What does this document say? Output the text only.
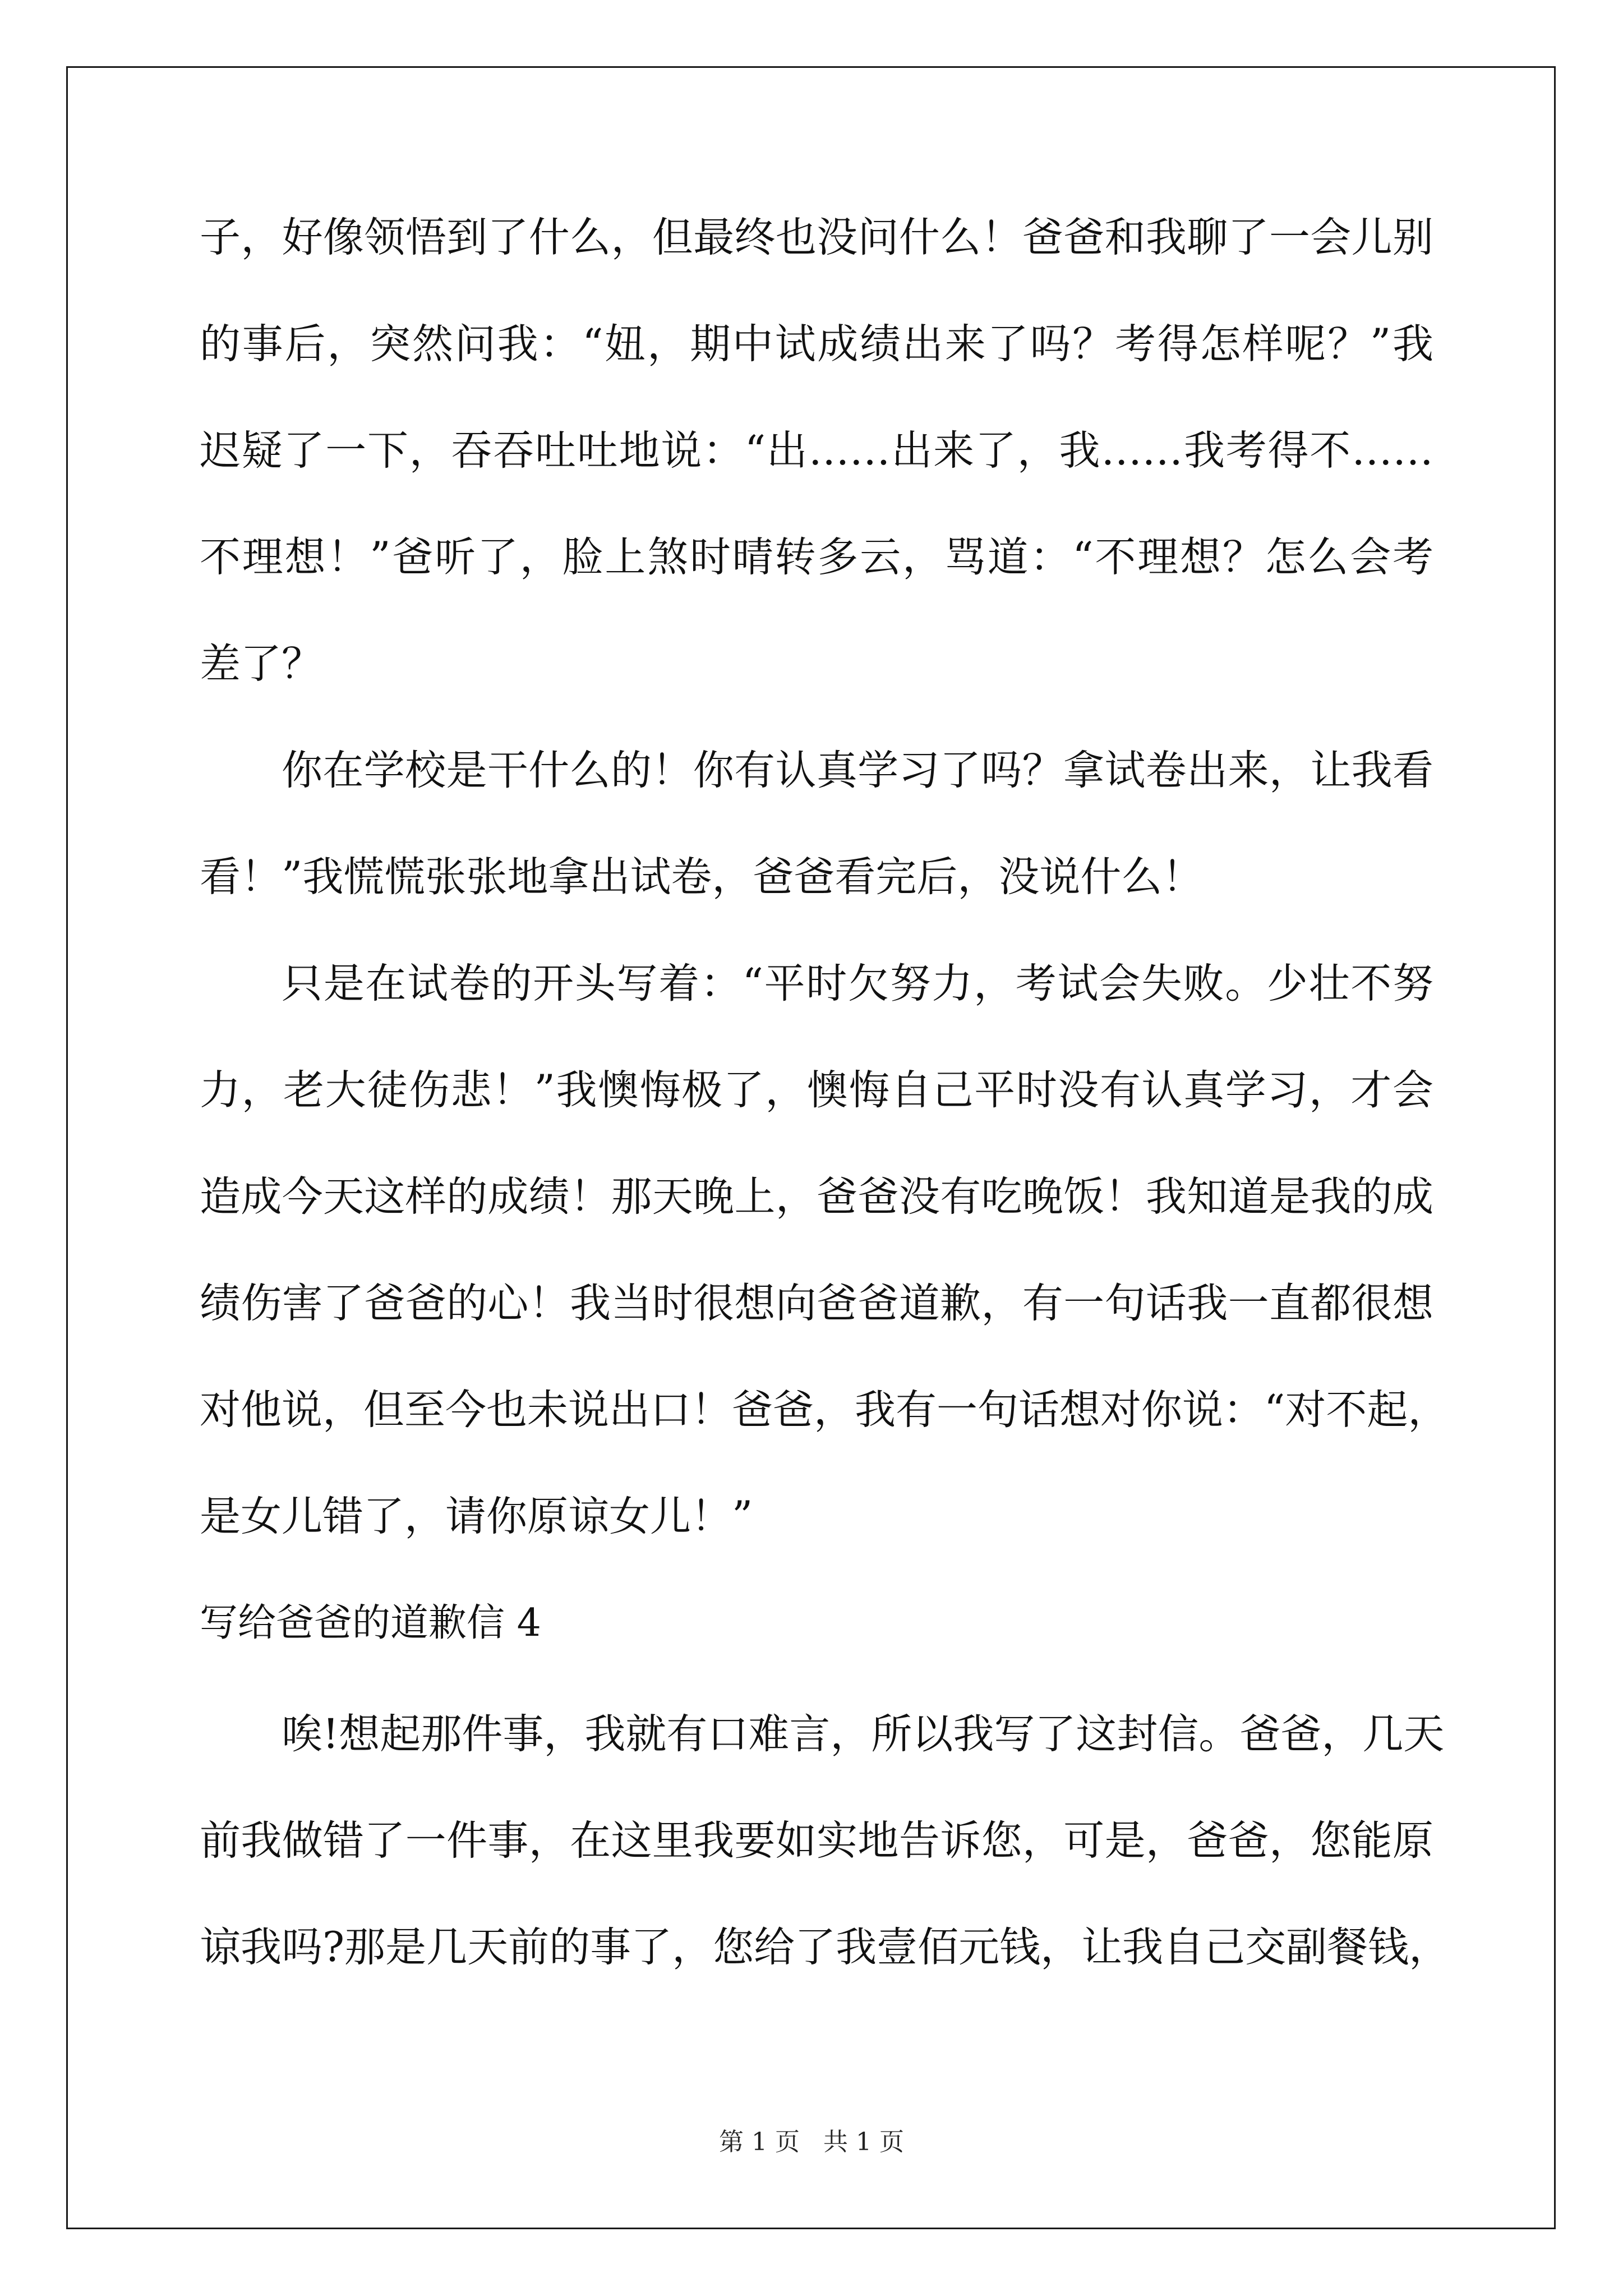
子，好像领悟到了什么，但最终也没问什么！爸爸和我聊了一会儿别
的事后，突然问我：“妞，期中试成绩出来了吗？考得怎样呢？”我
迟疑了一下，吞吞吐吐地说：“出……出来了，我……我考得不……
不理想！”爸听了，脸上煞时晴转多云，骂道：“不理想？怎么会考
差了？
你在学校是干什么的！你有认真学习了吗？拿试卷出来，让我看
看！”我慌慌张张地拿出试卷，爸爸看完后，没说什么！
只是在试卷的开头写着：“平时欠努力，考试会失败。少壮不努
力，老大徒伤悲！”我懊悔极了，懊悔自己平时没有认真学习，才会
造成今天这样的成绩！那天晚上，爸爸没有吃晚饭！我知道是我的成
绩伤害了爸爸的心！我当时很想向爸爸道歉，有一句话我一直都很想
对他说，但至今也未说出口！爸爸，我有一句话想对你说：“对不起，
是女儿错了，请你原谅女儿！”
写给爸爸的道歉信 4
唉!想起那件事，我就有口难言，所以我写了这封信。爸爸，几天
前我做错了一件事，在这里我要如实地告诉您，可是，爸爸，您能原
谅我吗?那是几天前的事了，您给了我壹佰元钱，让我自己交副餐钱，
第 1 页   共 1 页
